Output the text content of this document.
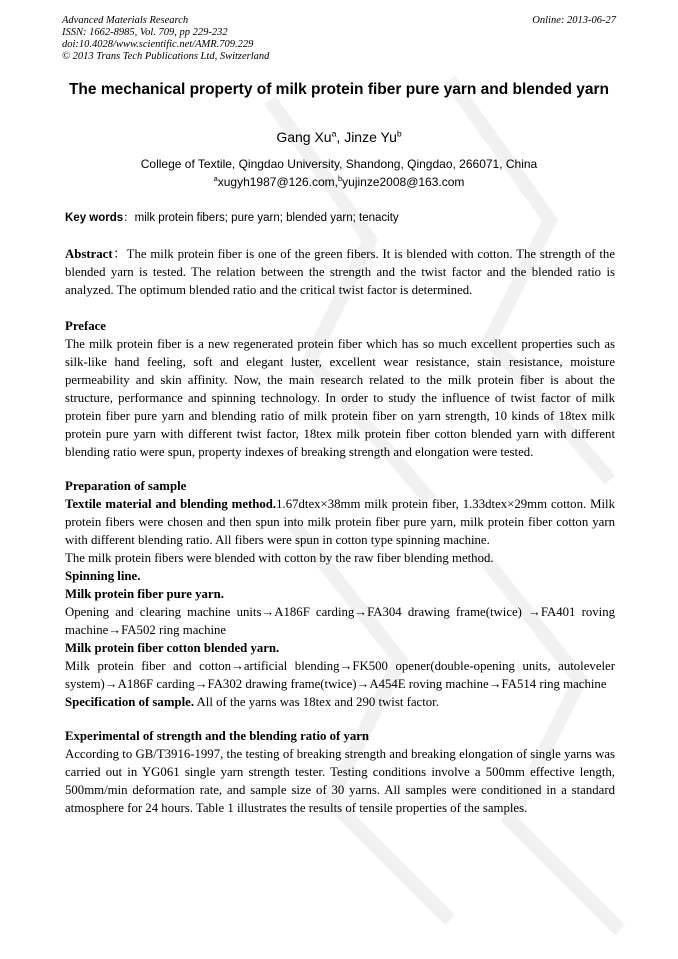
Advanced Materials Research
ISSN: 1662-8985, Vol. 709, pp 229-232
doi:10.4028/www.scientific.net/AMR.709.229
© 2013 Trans Tech Publications Ltd, Switzerland
Online: 2013-06-27
The mechanical property of milk protein fiber pure yarn and blended yarn
Gang Xu$^a$, Jinze Yu$^b$
College of Textile, Qingdao University, Shandong, Qingdao, 266071, China
$^a$xugyh1987@126.com,$^b$yujinze2008@163.com
Key words：milk protein fibers; pure yarn; blended yarn; tenacity

Abstract：The milk protein fiber is one of the green fibers. It is blended with cotton. The strength of the blended yarn is tested. The relation between the strength and the twist factor and the blended ratio is analyzed. The optimum blended ratio and the critical twist factor is determined.

Preface

The milk protein fiber is a new regenerated protein fiber which has so much excellent properties such as silk-like hand feeling, soft and elegant luster, excellent wear resistance, stain resistance, moisture permeability and skin affinity. Now, the main research related to the milk protein fiber is about the structure, performance and spinning technology. In order to study the influence of twist factor of milk protein fiber pure yarn and blending ratio of milk protein fiber on yarn strength, 10 kinds of 18tex milk protein pure yarn with different twist factor, 18tex milk protein fiber cotton blended yarn with different blending ratio were spun, property indexes of breaking strength and elongation were tested.

Preparation of sample

Textile material and blending method.1.67dtex×38mm milk protein fiber, 1.33dtex×29mm cotton. Milk protein fibers were chosen and then spun into milk protein fiber pure yarn, milk protein fiber cotton yarn with different blending ratio. All fibers were spun in cotton type spinning machine.

The milk protein fibers were blended with cotton by the raw fiber blending method.

Spinning line.
Milk protein fiber pure yarn.

Opening and clearing machine units→A186F carding→FA304 drawing frame(twice) →FA401 roving machine→FA502 ring machine

Milk protein fiber cotton blended yarn.

Milk protein fiber and cotton→artificial blending→FK500 opener(double-opening units, autoleveler system)→A186F carding→FA302 drawing frame(twice)→A454E roving machine→FA514 ring machine

Specification of sample. All of the yarns was 18tex and 290 twist factor.

Experimental of strength and the blending ratio of yarn

According to GB/T3916-1997, the testing of breaking strength and breaking elongation of single yarns was carried out in YG061 single yarn strength tester. Testing conditions involve a 500mm effective length, 500mm/min deformation rate, and sample size of 30 yarns. All samples were conditioned in a standard atmosphere for 24 hours. Table 1 illustrates the results of tensile properties of the samples.
